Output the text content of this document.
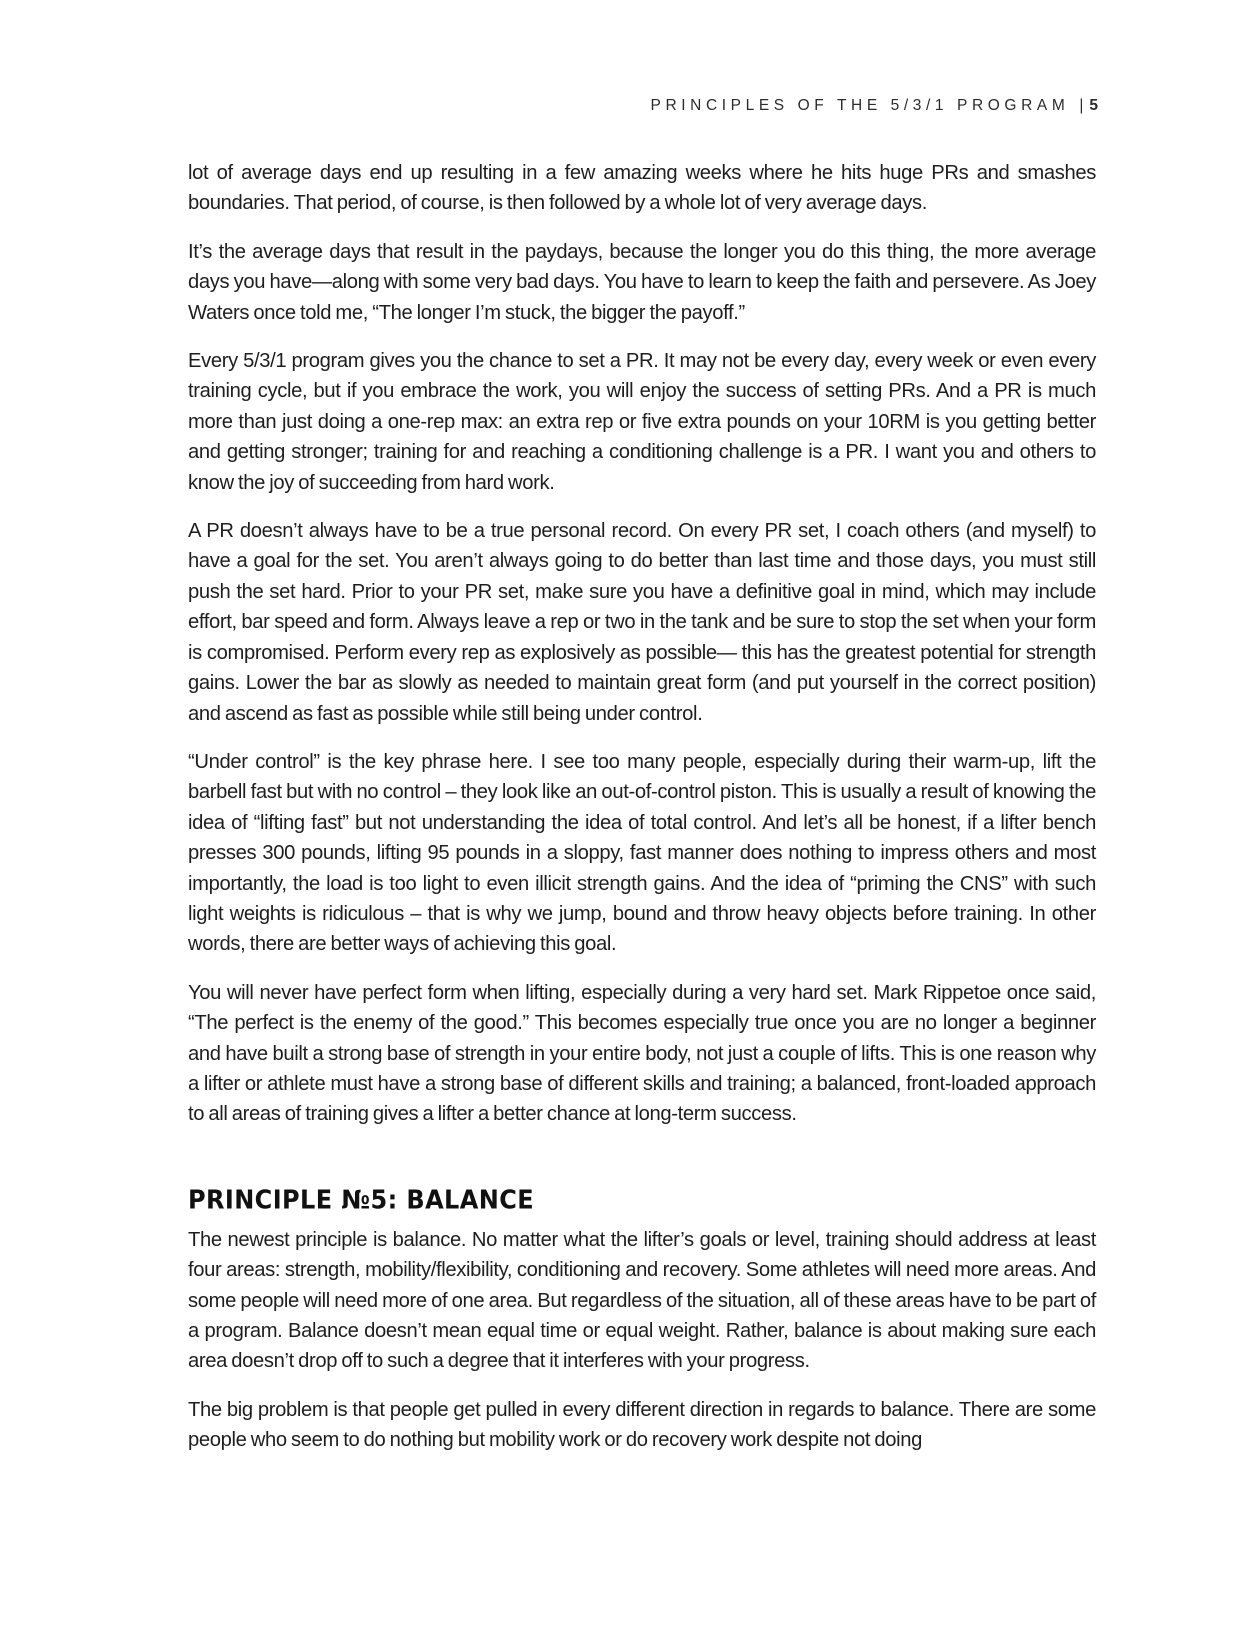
PRINCIPLES OF THE 5/3/1 PROGRAM | 5

lot of average days end up resulting in a few amazing weeks where he hits huge PRs and smashes boundaries. That period, of course, is then followed by a whole lot of very average days.

It’s the average days that result in the paydays, because the longer you do this thing, the more average days you have—along with some very bad days. You have to learn to keep the faith and persevere. As Joey Waters once told me, “The longer I’m stuck, the bigger the payoff.”

Every 5/3/1 program gives you the chance to set a PR. It may not be every day, every week or even every training cycle, but if you embrace the work, you will enjoy the success of setting PRs. And a PR is much more than just doing a one-rep max: an extra rep or five extra pounds on your 10RM is you getting better and getting stronger; training for and reaching a conditioning challenge is a PR. I want you and others to know the joy of succeeding from hard work.

A PR doesn’t always have to be a true personal record. On every PR set, I coach others (and myself) to have a goal for the set. You aren’t always going to do better than last time and those days, you must still push the set hard. Prior to your PR set, make sure you have a definitive goal in mind, which may include effort, bar speed and form. Always leave a rep or two in the tank and be sure to stop the set when your form is compromised. Perform every rep as explosively as possible— this has the greatest potential for strength gains. Lower the bar as slowly as needed to maintain great form (and put yourself in the correct position) and ascend as fast as possible while still being under control.

“Under control” is the key phrase here. I see too many people, especially during their warm-up, lift the barbell fast but with no control – they look like an out-of-control piston. This is usually a result of knowing the idea of “lifting fast” but not understanding the idea of total control. And let’s all be honest, if a lifter bench presses 300 pounds, lifting 95 pounds in a sloppy, fast manner does nothing to impress others and most importantly, the load is too light to even illicit strength gains. And the idea of “priming the CNS” with such light weights is ridiculous – that is why we jump, bound and throw heavy objects before training. In other words, there are better ways of achieving this goal.

You will never have perfect form when lifting, especially during a very hard set. Mark Rippetoe once said, “The perfect is the enemy of the good.” This becomes especially true once you are no longer a beginner and have built a strong base of strength in your entire body, not just a couple of lifts. This is one reason why a lifter or athlete must have a strong base of different skills and training; a balanced, front-loaded approach to all areas of training gives a lifter a better chance at long-term success.

PRINCIPLE №5: BALANCE

The newest principle is balance. No matter what the lifter’s goals or level, training should address at least four areas: strength, mobility/flexibility, conditioning and recovery. Some athletes will need more areas. And some people will need more of one area. But regardless of the situation, all of these areas have to be part of a program. Balance doesn’t mean equal time or equal weight. Rather, balance is about making sure each area doesn’t drop off to such a degree that it interferes with your progress.

The big problem is that people get pulled in every different direction in regards to balance. There are some people who seem to do nothing but mobility work or do recovery work despite not doing
